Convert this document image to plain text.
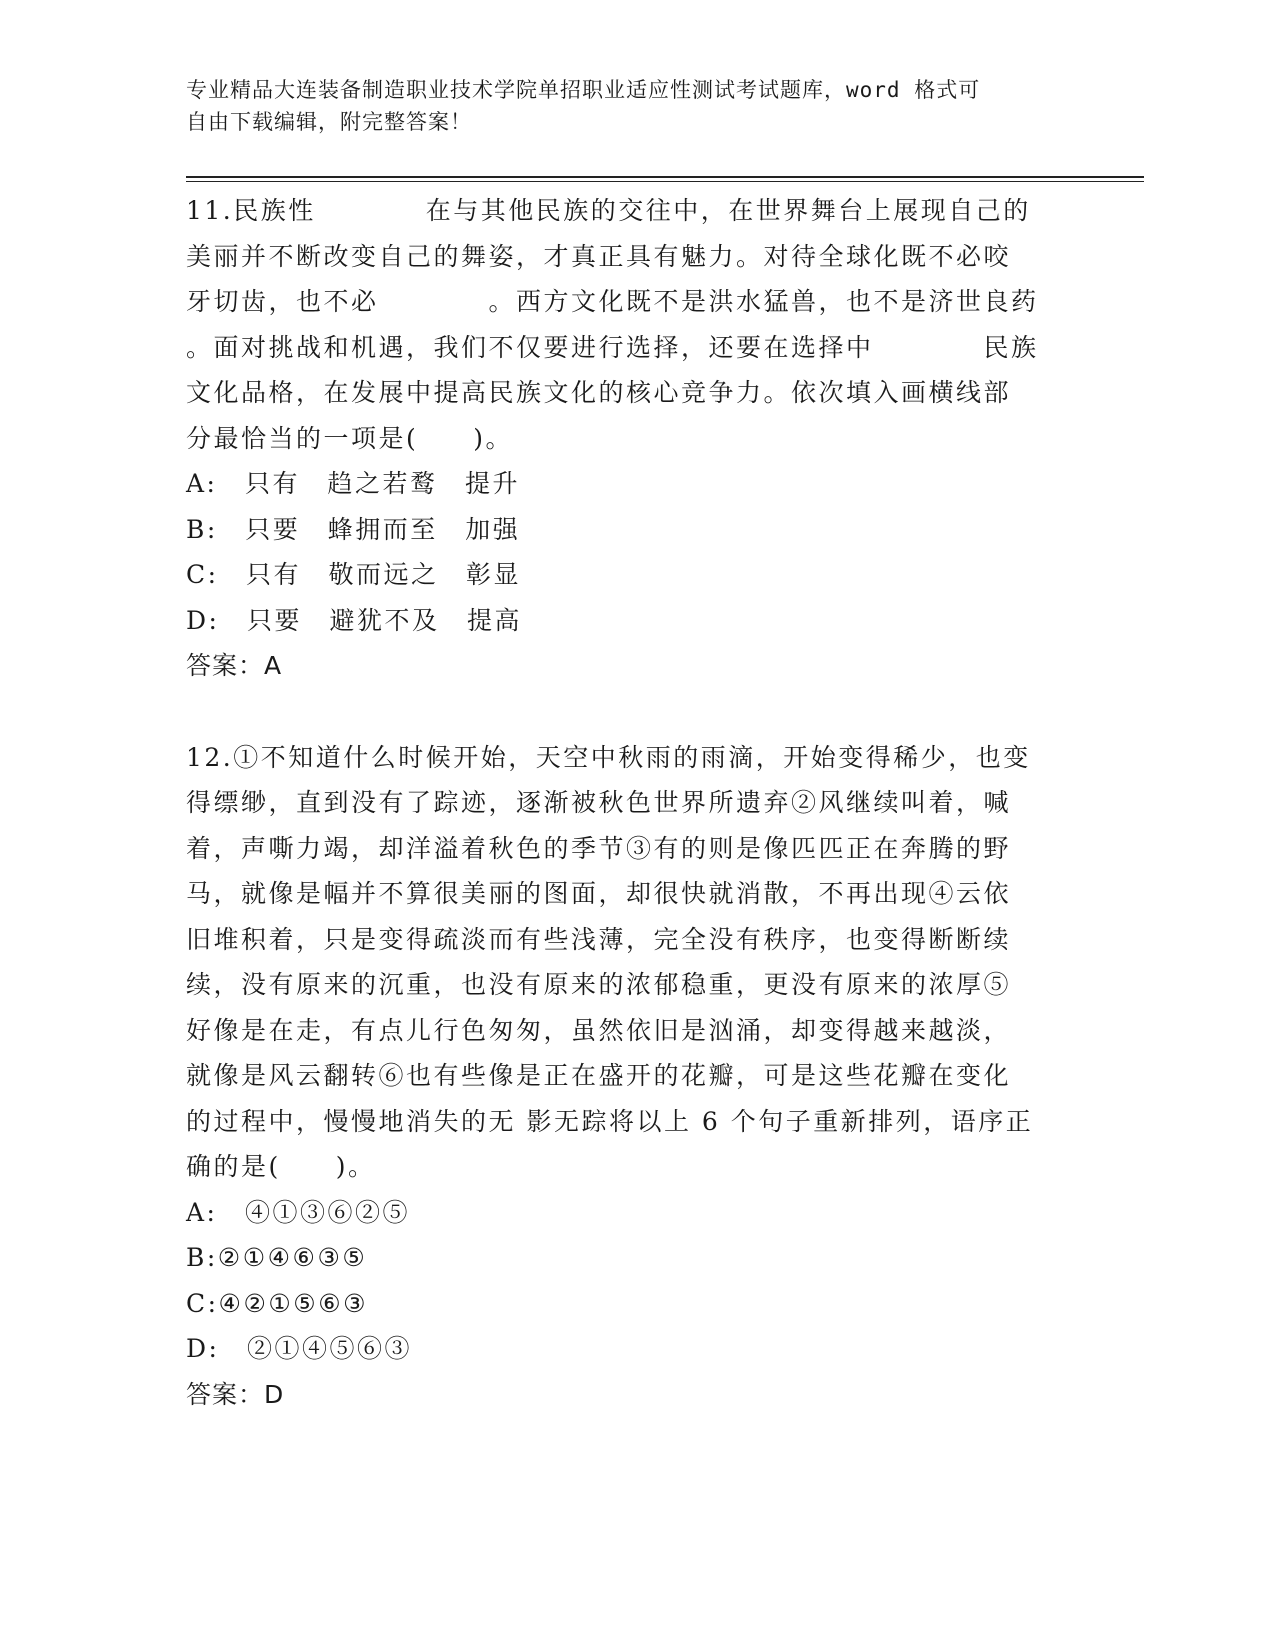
专业精品大连装备制造职业技术学院单招职业适应性测试考试题库，word 格式可
自由下载编辑，附完整答案！
11.民族性　　　　在与其他民族的交往中，在世界舞台上展现自己的
美丽并不断改变自己的舞姿，才真正具有魅力。对待全球化既不必咬
牙切齿，也不必　　　　。西方文化既不是洪水猛兽，也不是济世良药
。面对挑战和机遇，我们不仅要进行选择，还要在选择中　　　　民族
文化品格，在发展中提高民族文化的核心竞争力。依次填入画横线部
分最恰当的一项是(　　)。
A:　只有　趋之若鹜　提升
B:　只要　蜂拥而至　加强
C:　只有　敬而远之　彰显
D:　只要　避犹不及　提高
答案：A
12.①不知道什么时候开始，天空中秋雨的雨滴，开始变得稀少，也变
得缥缈，直到没有了踪迹，逐渐被秋色世界所遗弃②风继续叫着，喊
着，声嘶力竭，却洋溢着秋色的季节③有的则是像匹匹正在奔腾的野
马，就像是幅并不算很美丽的图面，却很快就消散，不再出现④云依
旧堆积着，只是变得疏淡而有些浅薄，完全没有秩序，也变得断断续
续，没有原来的沉重，也没有原来的浓郁稳重，更没有原来的浓厚⑤
好像是在走，有点儿行色匆匆，虽然依旧是汹涌，却变得越来越淡，
就像是风云翻转⑥也有些像是正在盛开的花瓣，可是这些花瓣在变化
的过程中，慢慢地消失的无 影无踪将以上 6 个句子重新排列，语序正
确的是(　　)。
A:　④①③⑥②⑤
B:②①④⑥③⑤
C:④②①⑤⑥③
D:　②①④⑤⑥③
答案：D
